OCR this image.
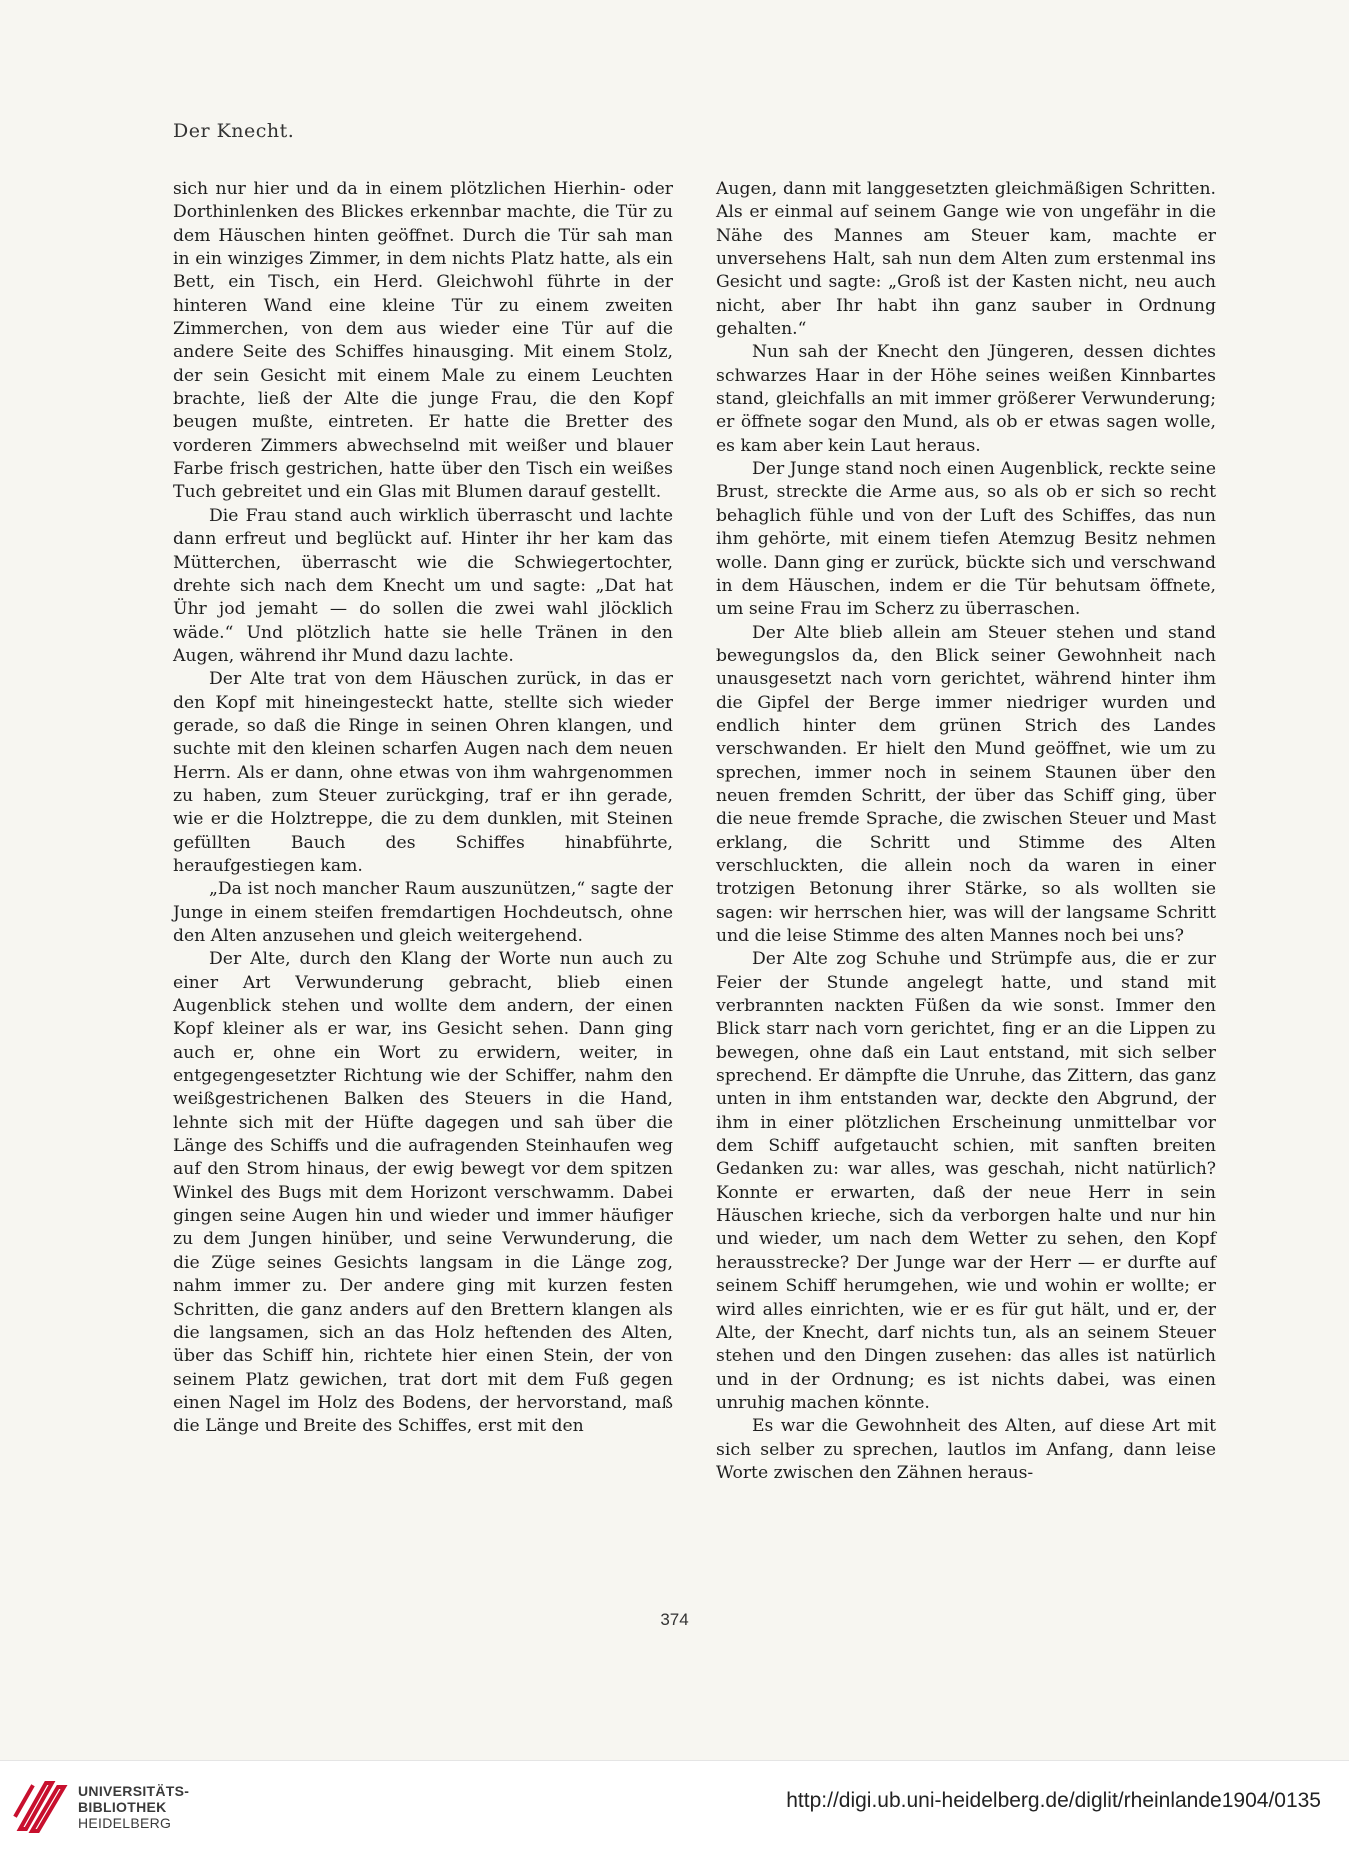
Der Knecht.

sich nur hier und da in einem plötzlichen Hierhin- oder Dorthinlenken des Blickes erkennbar machte, die Tür zu dem Häuschen hinten geöffnet. Durch die Tür sah man in ein winziges Zimmer, in dem nichts Platz hatte, als ein Bett, ein Tisch, ein Herd. Gleichwohl führte in der hinteren Wand eine kleine Tür zu einem zweiten Zimmerchen, von dem aus wieder eine Tür auf die andere Seite des Schiffes hinausging. Mit einem Stolz, der sein Gesicht mit einem Male zu einem Leuchten brachte, ließ der Alte die junge Frau, die den Kopf beugen mußte, eintreten. Er hatte die Bretter des vorderen Zimmers abwechselnd mit weißer und blauer Farbe frisch gestrichen, hatte über den Tisch ein weißes Tuch gebreitet und ein Glas mit Blumen darauf gestellt.

Die Frau stand auch wirklich überrascht und lachte dann erfreut und beglückt auf. Hinter ihr her kam das Mütterchen, überrascht wie die Schwiegertochter, drehte sich nach dem Knecht um und sagte: „Dat hat Ühr jod jemaht — do sollen die zwei wahl jlöcklich wäde.“ Und plötzlich hatte sie helle Tränen in den Augen, während ihr Mund dazu lachte.

Der Alte trat von dem Häuschen zurück, in das er den Kopf mit hineingesteckt hatte, stellte sich wieder gerade, so daß die Ringe in seinen Ohren klangen, und suchte mit den kleinen scharfen Augen nach dem neuen Herrn. Als er dann, ohne etwas von ihm wahrgenommen zu haben, zum Steuer zurückging, traf er ihn gerade, wie er die Holztreppe, die zu dem dunklen, mit Steinen gefüllten Bauch des Schiffes hinabführte, heraufgestiegen kam.

„Da ist noch mancher Raum auszunützen,“ sagte der Junge in einem steifen fremdartigen Hochdeutsch, ohne den Alten anzusehen und gleich weitergehend.

Der Alte, durch den Klang der Worte nun auch zu einer Art Verwunderung gebracht, blieb einen Augenblick stehen und wollte dem andern, der einen Kopf kleiner als er war, ins Gesicht sehen. Dann ging auch er, ohne ein Wort zu erwidern, weiter, in entgegengesetzter Richtung wie der Schiffer, nahm den weißgestrichenen Balken des Steuers in die Hand, lehnte sich mit der Hüfte dagegen und sah über die Länge des Schiffs und die aufragenden Steinhaufen weg auf den Strom hinaus, der ewig bewegt vor dem spitzen Winkel des Bugs mit dem Horizont verschwamm. Dabei gingen seine Augen hin und wieder und immer häufiger zu dem Jungen hinüber, und seine Verwunderung, die die Züge seines Gesichts langsam in die Länge zog, nahm immer zu. Der andere ging mit kurzen festen Schritten, die ganz anders auf den Brettern klangen als die langsamen, sich an das Holz heftenden des Alten, über das Schiff hin, richtete hier einen Stein, der von seinem Platz gewichen, trat dort mit dem Fuß gegen einen Nagel im Holz des Bodens, der hervorstand, maß die Länge und Breite des Schiffes, erst mit den

Augen, dann mit langgesetzten gleichmäßigen Schritten. Als er einmal auf seinem Gange wie von ungefähr in die Nähe des Mannes am Steuer kam, machte er unversehens Halt, sah nun dem Alten zum erstenmal ins Gesicht und sagte: „Groß ist der Kasten nicht, neu auch nicht, aber Ihr habt ihn ganz sauber in Ordnung gehalten.“

Nun sah der Knecht den Jüngeren, dessen dichtes schwarzes Haar in der Höhe seines weißen Kinnbartes stand, gleichfalls an mit immer größerer Verwunderung; er öffnete sogar den Mund, als ob er etwas sagen wolle, es kam aber kein Laut heraus.

Der Junge stand noch einen Augenblick, reckte seine Brust, streckte die Arme aus, so als ob er sich so recht behaglich fühle und von der Luft des Schiffes, das nun ihm gehörte, mit einem tiefen Atemzug Besitz nehmen wolle. Dann ging er zurück, bückte sich und verschwand in dem Häuschen, indem er die Tür behutsam öffnete, um seine Frau im Scherz zu überraschen.

Der Alte blieb allein am Steuer stehen und stand bewegungslos da, den Blick seiner Gewohnheit nach unausgesetzt nach vorn gerichtet, während hinter ihm die Gipfel der Berge immer niedriger wurden und endlich hinter dem grünen Strich des Landes verschwanden. Er hielt den Mund geöffnet, wie um zu sprechen, immer noch in seinem Staunen über den neuen fremden Schritt, der über das Schiff ging, über die neue fremde Sprache, die zwischen Steuer und Mast erklang, die Schritt und Stimme des Alten verschluckten, die allein noch da waren in einer trotzigen Betonung ihrer Stärke, so als wollten sie sagen: wir herrschen hier, was will der langsame Schritt und die leise Stimme des alten Mannes noch bei uns?

Der Alte zog Schuhe und Strümpfe aus, die er zur Feier der Stunde angelegt hatte, und stand mit verbrannten nackten Füßen da wie sonst. Immer den Blick starr nach vorn gerichtet, fing er an die Lippen zu bewegen, ohne daß ein Laut entstand, mit sich selber sprechend. Er dämpfte die Unruhe, das Zittern, das ganz unten in ihm entstanden war, deckte den Abgrund, der ihm in einer plötzlichen Erscheinung unmittelbar vor dem Schiff aufgetaucht schien, mit sanften breiten Gedanken zu: war alles, was geschah, nicht natürlich? Konnte er erwarten, daß der neue Herr in sein Häuschen krieche, sich da verborgen halte und nur hin und wieder, um nach dem Wetter zu sehen, den Kopf herausstrecke? Der Junge war der Herr — er durfte auf seinem Schiff herumgehen, wie und wohin er wollte; er wird alles einrichten, wie er es für gut hält, und er, der Alte, der Knecht, darf nichts tun, als an seinem Steuer stehen und den Dingen zusehen: das alles ist natürlich und in der Ordnung; es ist nichts dabei, was einen unruhig machen könnte.

Es war die Gewohnheit des Alten, auf diese Art mit sich selber zu sprechen, lautlos im Anfang, dann leise Worte zwischen den Zähnen heraus-

374
UNIVERSITÄTS-
BIBLIOTHEK
HEIDELBERG
http://digi.ub.uni-heidelberg.de/diglit/rheinlande1904/0135
